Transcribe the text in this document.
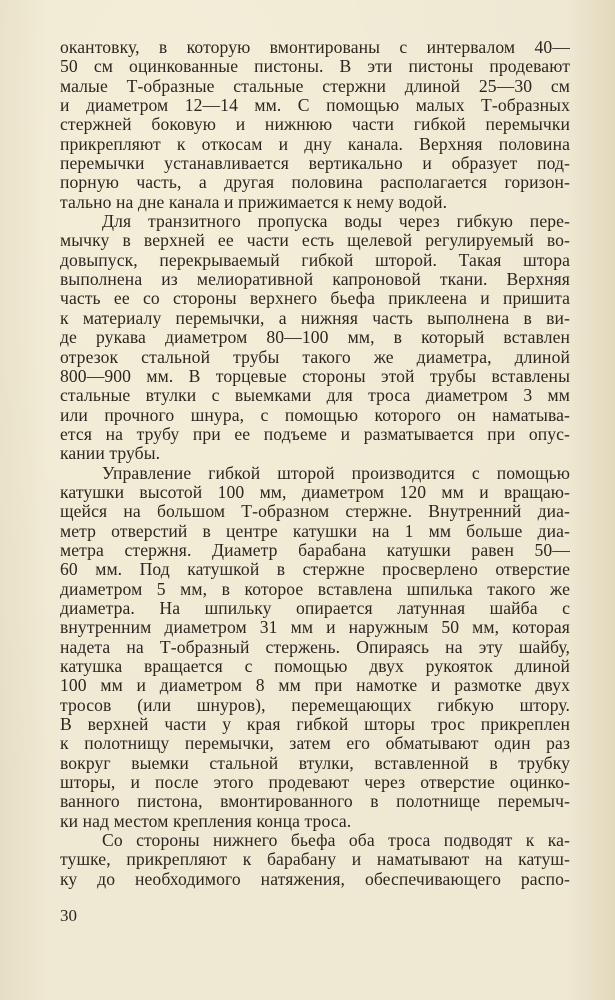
окантовку, в которую вмонтированы с интервалом 40—
50 см оцинкованные пистоны. В эти пистоны продевают
малые Т-образные стальные стержни длиной 25—30 см
и диаметром 12—14 мм. С помощью малых Т-образных
стержней боковую и нижнюю части гибкой перемычки
прикрепляют к откосам и дну канала. Верхняя половина
перемычки устанавливается вертикально и образует под-
порную часть, а другая половина располагается горизон-
тально на дне канала и прижимается к нему водой.
Для транзитного пропуска воды через гибкую пере-
мычку в верхней ее части есть щелевой регулируемый во-
довыпуск, перекрываемый гибкой шторой. Такая штора
выполнена из мелиоративной капроновой ткани. Верхняя
часть ее со стороны верхнего бьефа приклеена и пришита
к материалу перемычки, а нижняя часть выполнена в ви-
де рукава диаметром 80—100 мм, в который вставлен
отрезок стальной трубы такого же диаметра, длиной
800—900 мм. В торцевые стороны этой трубы вставлены
стальные втулки с выемками для троса диаметром 3 мм
или прочного шнура, с помощью которого он наматыва-
ется на трубу при ее подъеме и разматывается при опус-
кании трубы.
Управление гибкой шторой производится с помощью
катушки высотой 100 мм, диаметром 120 мм и вращаю-
щейся на большом Т-образном стержне. Внутренний диа-
метр отверстий в центре катушки на 1 мм больше диа-
метра стержня. Диаметр барабана катушки равен 50—
60 мм. Под катушкой в стержне просверлено отверстие
диаметром 5 мм, в которое вставлена шпилька такого же
диаметра. На шпильку опирается латунная шайба с
внутренним диаметром 31 мм и наружным 50 мм, которая
надета на Т-образный стержень. Опираясь на эту шайбу,
катушка вращается с помощью двух рукояток длиной
100 мм и диаметром 8 мм при намотке и размотке двух
тросов (или шнуров), перемещающих гибкую штору.
В верхней части у края гибкой шторы трос прикреплен
к полотнищу перемычки, затем его обматывают один раз
вокруг выемки стальной втулки, вставленной в трубку
шторы, и после этого продевают через отверстие оцинко-
ванного пистона, вмонтированного в полотнище перемыч-
ки над местом крепления конца троса.
Со стороны нижнего бьефа оба троса подводят к ка-
тушке, прикрепляют к барабану и наматывают на катуш-
ку до необходимого натяжения, обеспечивающего распо-
30
